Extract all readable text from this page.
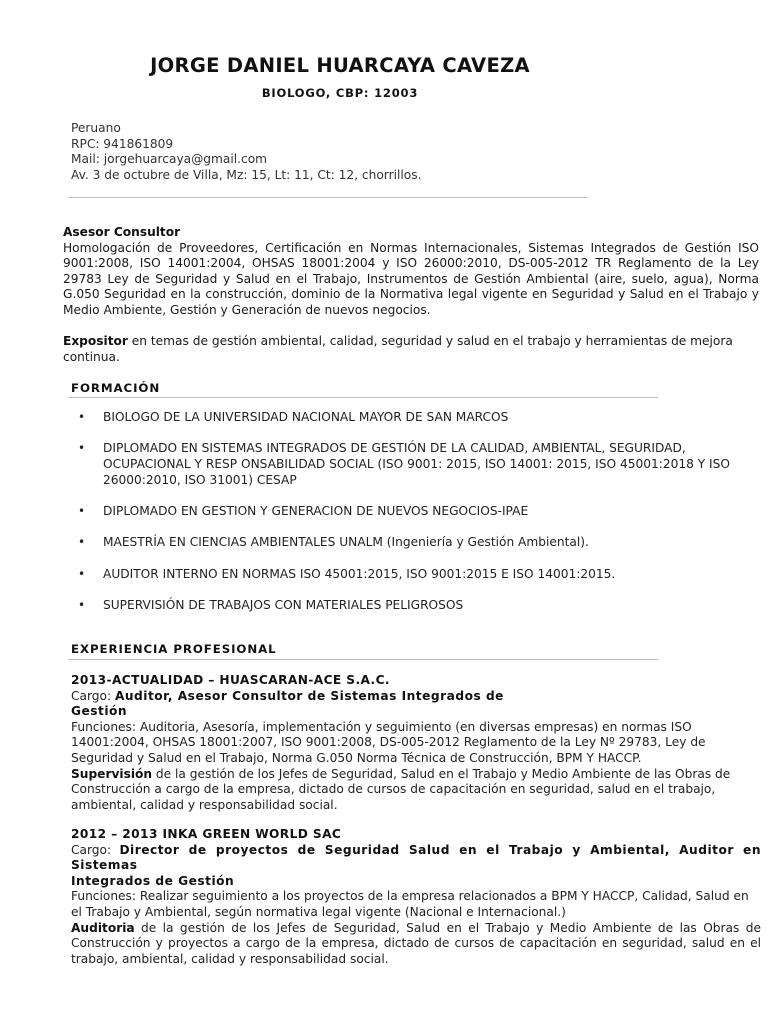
JORGE DANIEL HUARCAYA CAVEZA
BIOLOGO, CBP: 12003
Peruano
RPC: 941861809
Mail: jorgehuarcaya@gmail.com
Av. 3 de octubre de Villa, Mz: 15, Lt: 11, Ct: 12, chorrillos.
Asesor Consultor
Homologación de Proveedores, Certificación en Normas Internacionales, Sistemas Integrados de Gestión ISO 9001:2008, ISO 14001:2004, OHSAS 18001:2004 y ISO 26000:2010, DS-005-2012 TR Reglamento de la Ley 29783 Ley de Seguridad y Salud en el Trabajo, Instrumentos de Gestión Ambiental (aire, suelo, agua), Norma G.050 Seguridad en la construcción, dominio de la Normativa legal vigente en Seguridad y Salud en el Trabajo y Medio Ambiente, Gestión y Generación de nuevos negocios.
Expositor en temas de gestión ambiental, calidad, seguridad y salud en el trabajo y herramientas de mejora continua.
FORMACIÓN
• BIOLOGO DE LA UNIVERSIDAD NACIONAL MAYOR DE SAN MARCOS
• DIPLOMADO EN SISTEMAS INTEGRADOS DE GESTIÓN DE LA CALIDAD, AMBIENTAL, SEGURIDAD, OCUPACIONAL Y RESP ONSABILIDAD SOCIAL (ISO 9001: 2015, ISO 14001: 2015, ISO 45001:2018 Y ISO 26000:2010, ISO 31001) CESAP
• DIPLOMADO EN GESTION Y GENERACION DE NUEVOS NEGOCIOS-IPAE
• MAESTRÍA EN CIENCIAS AMBIENTALES UNALM (Ingeniería y Gestión Ambiental).
• AUDITOR INTERNO EN NORMAS ISO 45001:2015, ISO 9001:2015 E ISO 14001:2015.
• SUPERVISIÓN DE TRABAJOS CON MATERIALES PELIGROSOS
EXPERIENCIA PROFESIONAL
2013-ACTUALIDAD – HUASCARAN-ACE S.A.C.
Cargo: Auditor, Asesor Consultor de Sistemas Integrados de
Gestión
Funciones: Auditoria, Asesoría, implementación y seguimiento (en diversas empresas) en normas ISO 14001:2004, OHSAS 18001:2007, ISO 9001:2008, DS-005-2012 Reglamento de la Ley Nº 29783, Ley de Seguridad y Salud en el Trabajo, Norma G.050 Norma Técnica de Construcción, BPM Y HACCP.
Supervisión de la gestión de los Jefes de Seguridad, Salud en el Trabajo y Medio Ambiente de las Obras de Construcción a cargo de la empresa, dictado de cursos de capacitación en seguridad, salud en el trabajo, ambiental, calidad y responsabilidad social.
2012 – 2013 INKA GREEN WORLD SAC
Cargo: Director de proyectos de Seguridad Salud en el Trabajo y Ambiental, Auditor en Sistemas
Integrados de Gestión
Funciones: Realizar seguimiento a los proyectos de la empresa relacionados a BPM Y HACCP, Calidad, Salud en el Trabajo y Ambiental, según normativa legal vigente (Nacional e Internacional.)
Auditoria de la gestión de los Jefes de Seguridad, Salud en el Trabajo y Medio Ambiente de las Obras de Construcción y proyectos a cargo de la empresa, dictado de cursos de capacitación en seguridad, salud en el trabajo, ambiental, calidad y responsabilidad social.
